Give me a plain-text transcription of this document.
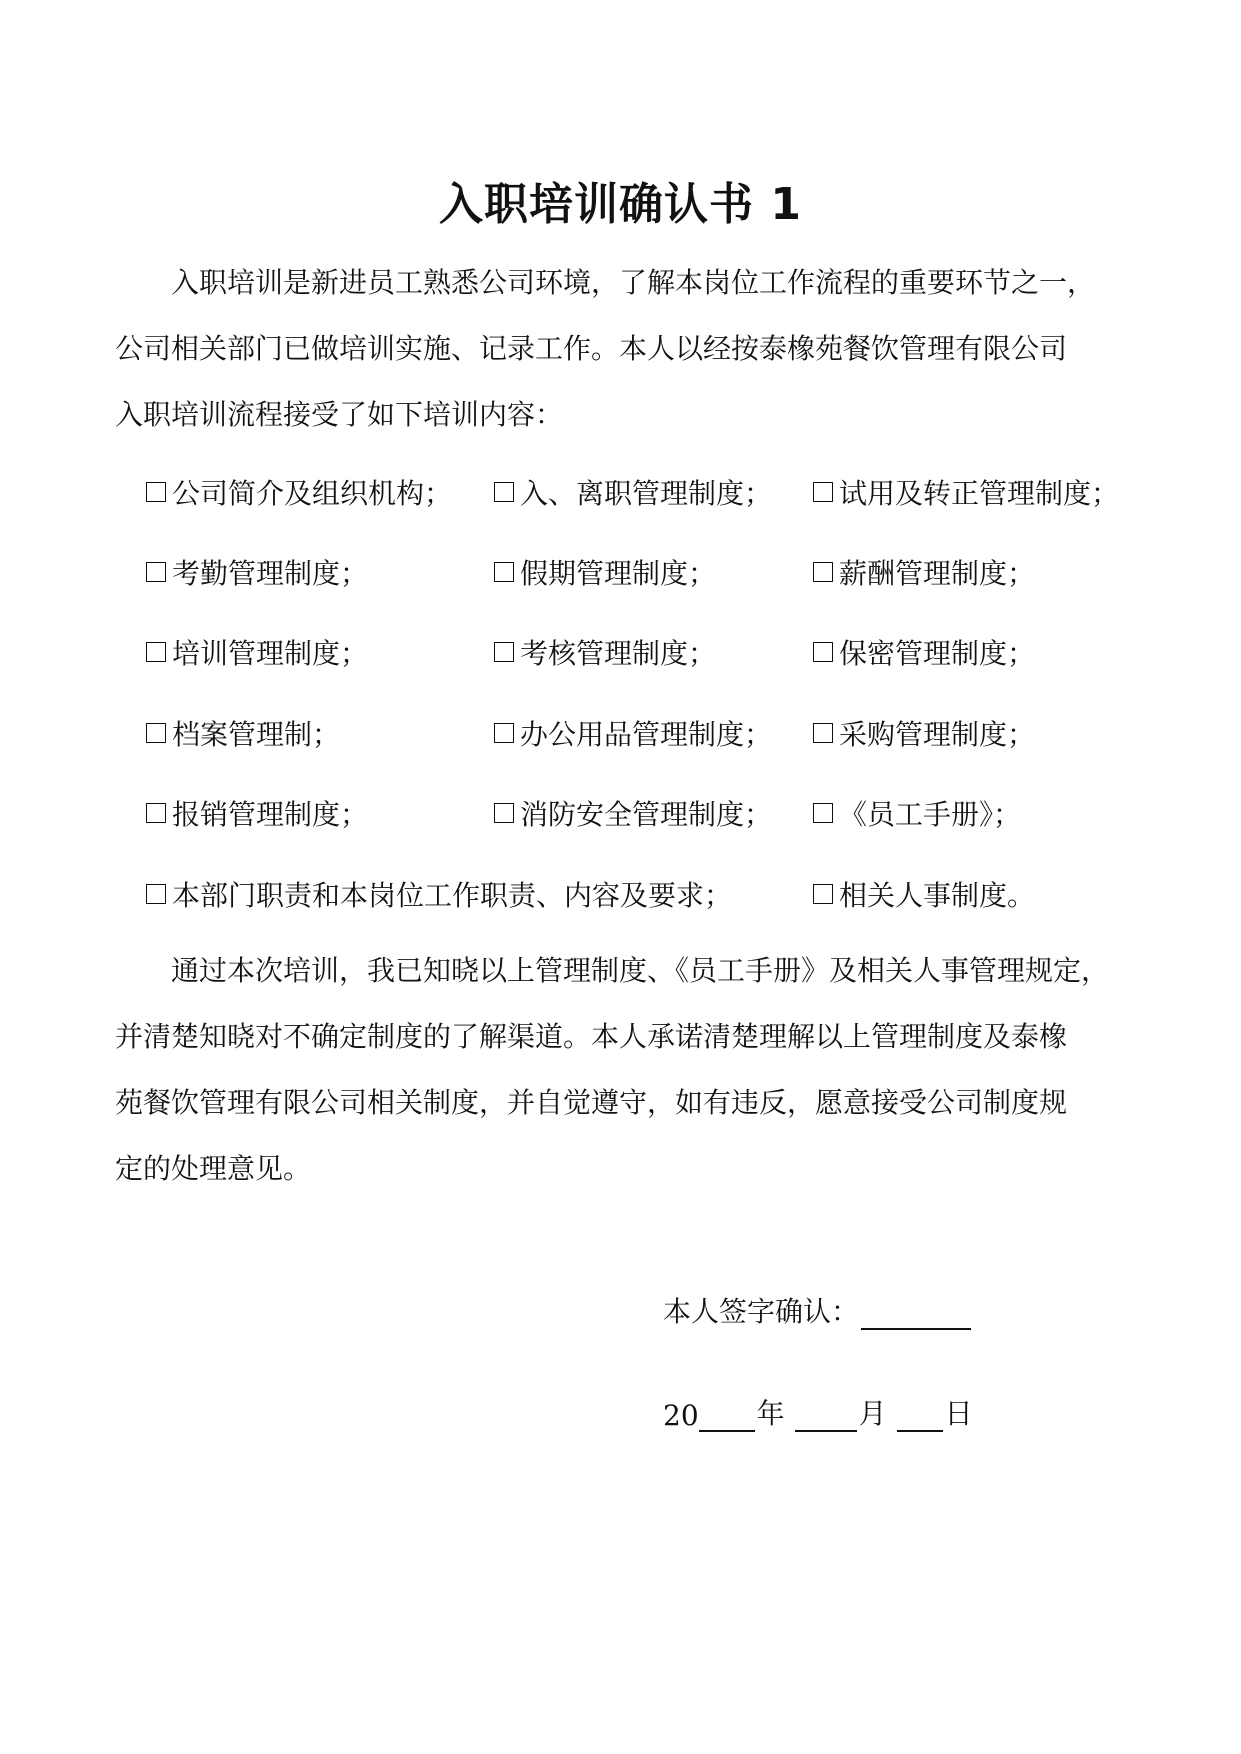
入职培训确认书 1
入职培训是新进员工熟悉公司环境，了解本岗位工作流程的重要环节之一，
公司相关部门已做培训实施、记录工作。本人以经按泰橡苑餐饮管理有限公司
入职培训流程接受了如下培训内容：
公司简介及组织机构； 入、离职管理制度； 试用及转正管理制度；
考勤管理制度；	假期管理制度；	薪酬管理制度；
培训管理制度；	考核管理制度；	保密管理制度；
档案管理制；	办公用品管理制度； 采购管理制度；
报销管理制度；	消防安全管理制度； 《员工手册》；
本部门职责和本岗位工作职责、内容及要求；	相关人事制度。
通过本次培训，我已知晓以上管理制度、《员工手册》及相关人事管理规定，
并清楚知晓对不确定制度的了解渠道。本人承诺清楚理解以上管理制度及泰橡
苑餐饮管理有限公司相关制度，并自觉遵守，如有违反，愿意接受公司制度规
定的处理意见。
本人签字确认：
20 年	月 日
